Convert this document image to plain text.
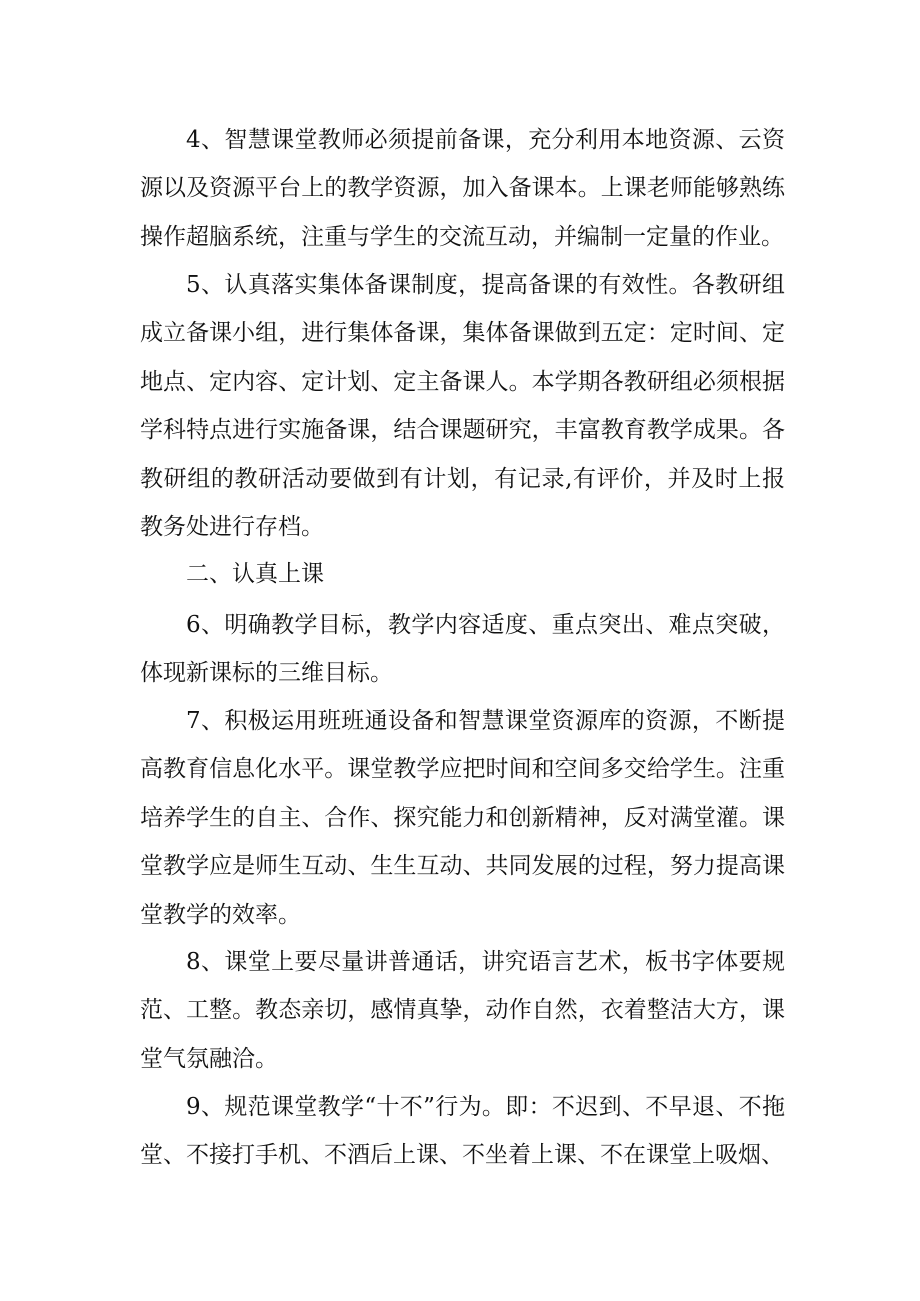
4、智慧课堂教师必须提前备课，充分利用本地资源、云资源以及资源平台上的教学资源，加入备课本。上课老师能够熟练操作超脑系统，注重与学生的交流互动，并编制一定量的作业。

5、认真落实集体备课制度，提高备课的有效性。各教研组成立备课小组，进行集体备课，集体备课做到五定：定时间、定地点、定内容、定计划、定主备课人。本学期各教研组必须根据学科特点进行实施备课，结合课题研究，丰富教育教学成果。各教研组的教研活动要做到有计划，有记录,有评价，并及时上报教务处进行存档。

二、认真上课

6、明确教学目标，教学内容适度、重点突出、难点突破，体现新课标的三维目标。

7、积极运用班班通设备和智慧课堂资源库的资源，不断提高教育信息化水平。课堂教学应把时间和空间多交给学生。注重培养学生的自主、合作、探究能力和创新精神，反对满堂灌。课堂教学应是师生互动、生生互动、共同发展的过程，努力提高课堂教学的效率。

8、课堂上要尽量讲普通话，讲究语言艺术，板书字体要规范、工整。教态亲切，感情真挚，动作自然，衣着整洁大方，课堂气氛融洽。

9、规范课堂教学“十不”行为。即：不迟到、不早退、不拖堂、不接打手机、不酒后上课、不坐着上课、不在课堂上吸烟、
